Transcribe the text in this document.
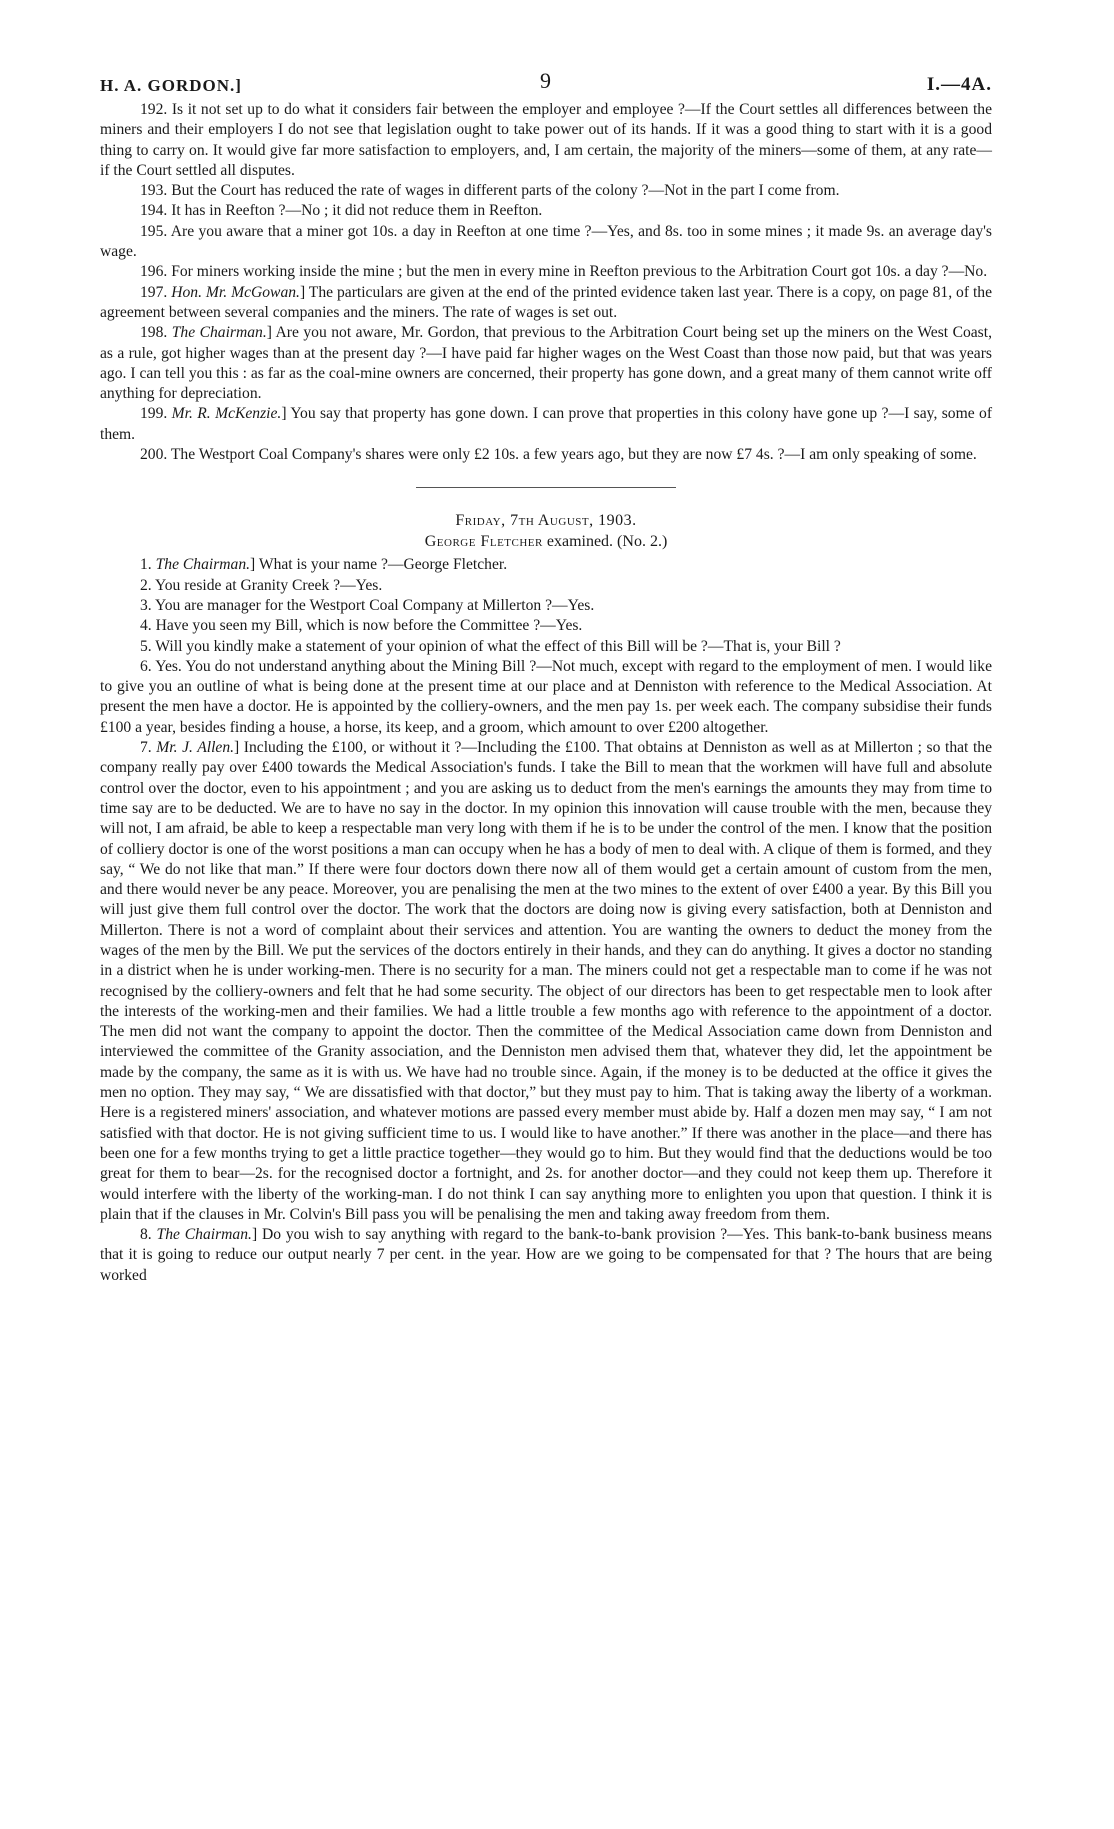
H. A. GORDON.]	9	I.—4A.

192. Is it not set up to do what it considers fair between the employer and employee ?—If the Court settles all differences between the miners and their employers I do not see that legislation ought to take power out of its hands. If it was a good thing to start with it is a good thing to carry on. It would give far more satisfaction to employers, and, I am certain, the majority of the miners—some of them, at any rate—if the Court settled all disputes.

193. But the Court has reduced the rate of wages in different parts of the colony ?—Not in the part I come from.

194. It has in Reefton ?—No ; it did not reduce them in Reefton.

195. Are you aware that a miner got 10s. a day in Reefton at one time ?—Yes, and 8s. too in some mines ; it made 9s. an average day's wage.

196. For miners working inside the mine ; but the men in every mine in Reefton previous to the Arbitration Court got 10s. a day ?—No.

197. Hon. Mr. McGowan.] The particulars are given at the end of the printed evidence taken last year. There is a copy, on page 81, of the agreement between several companies and the miners. The rate of wages is set out.

198. The Chairman.] Are you not aware, Mr. Gordon, that previous to the Arbitration Court being set up the miners on the West Coast, as a rule, got higher wages than at the present day ?—I have paid far higher wages on the West Coast than those now paid, but that was years ago. I can tell you this : as far as the coal-mine owners are concerned, their property has gone down, and a great many of them cannot write off anything for depreciation.

199. Mr. R. McKenzie.] You say that property has gone down. I can prove that properties in this colony have gone up ?—I say, some of them.

200. The Westport Coal Company's shares were only £2 10s. a few years ago, but they are now £7 4s. ?—I am only speaking of some.

Friday, 7th August, 1903.

George Fletcher examined. (No. 2.)

1. The Chairman.] What is your name ?—George Fletcher.

2. You reside at Granity Creek ?—Yes.

3. You are manager for the Westport Coal Company at Millerton ?—Yes.

4. Have you seen my Bill, which is now before the Committee ?—Yes.

5. Will you kindly make a statement of your opinion of what the effect of this Bill will be ?—That is, your Bill ?

6. Yes. You do not understand anything about the Mining Bill ?—Not much, except with regard to the employment of men. I would like to give you an outline of what is being done at the present time at our place and at Denniston with reference to the Medical Association. At present the men have a doctor. He is appointed by the colliery-owners, and the men pay 1s. per week each. The company subsidise their funds £100 a year, besides finding a house, a horse, its keep, and a groom, which amount to over £200 altogether.

7. Mr. J. Allen.] Including the £100, or without it ?—Including the £100. That obtains at Denniston as well as at Millerton ; so that the company really pay over £400 towards the Medical Association's funds. I take the Bill to mean that the workmen will have full and absolute control over the doctor, even to his appointment ; and you are asking us to deduct from the men's earnings the amounts they may from time to time say are to be deducted. We are to have no say in the doctor. In my opinion this innovation will cause trouble with the men, because they will not, I am afraid, be able to keep a respectable man very long with them if he is to be under the control of the men. I know that the position of colliery doctor is one of the worst positions a man can occupy when he has a body of men to deal with. A clique of them is formed, and they say, “ We do not like that man.” If there were four doctors down there now all of them would get a certain amount of custom from the men, and there would never be any peace. Moreover, you are penalising the men at the two mines to the extent of over £400 a year. By this Bill you will just give them full control over the doctor. The work that the doctors are doing now is giving every satisfaction, both at Denniston and Millerton. There is not a word of complaint about their services and attention. You are wanting the owners to deduct the money from the wages of the men by the Bill. We put the services of the doctors entirely in their hands, and they can do anything. It gives a doctor no standing in a district when he is under working-men. There is no security for a man. The miners could not get a respectable man to come if he was not recognised by the colliery-owners and felt that he had some security. The object of our directors has been to get respectable men to look after the interests of the working-men and their families. We had a little trouble a few months ago with reference to the appointment of a doctor. The men did not want the company to appoint the doctor. Then the committee of the Medical Association came down from Denniston and interviewed the committee of the Granity association, and the Denniston men advised them that, whatever they did, let the appointment be made by the company, the same as it is with us. We have had no trouble since. Again, if the money is to be deducted at the office it gives the men no option. They may say, “ We are dissatisfied with that doctor,” but they must pay to him. That is taking away the liberty of a workman. Here is a registered miners' association, and whatever motions are passed every member must abide by. Half a dozen men may say, “ I am not satisfied with that doctor. He is not giving sufficient time to us. I would like to have another.” If there was another in the place—and there has been one for a few months trying to get a little practice together—they would go to him. But they would find that the deductions would be too great for them to bear—2s. for the recognised doctor a fortnight, and 2s. for another doctor—and they could not keep them up. Therefore it would interfere with the liberty of the working-man. I do not think I can say anything more to enlighten you upon that question. I think it is plain that if the clauses in Mr. Colvin's Bill pass you will be penalising the men and taking away freedom from them.

8. The Chairman.] Do you wish to say anything with regard to the bank-to-bank provision ?—Yes. This bank-to-bank business means that it is going to reduce our output nearly 7 per cent. in the year. How are we going to be compensated for that ? The hours that are being worked
